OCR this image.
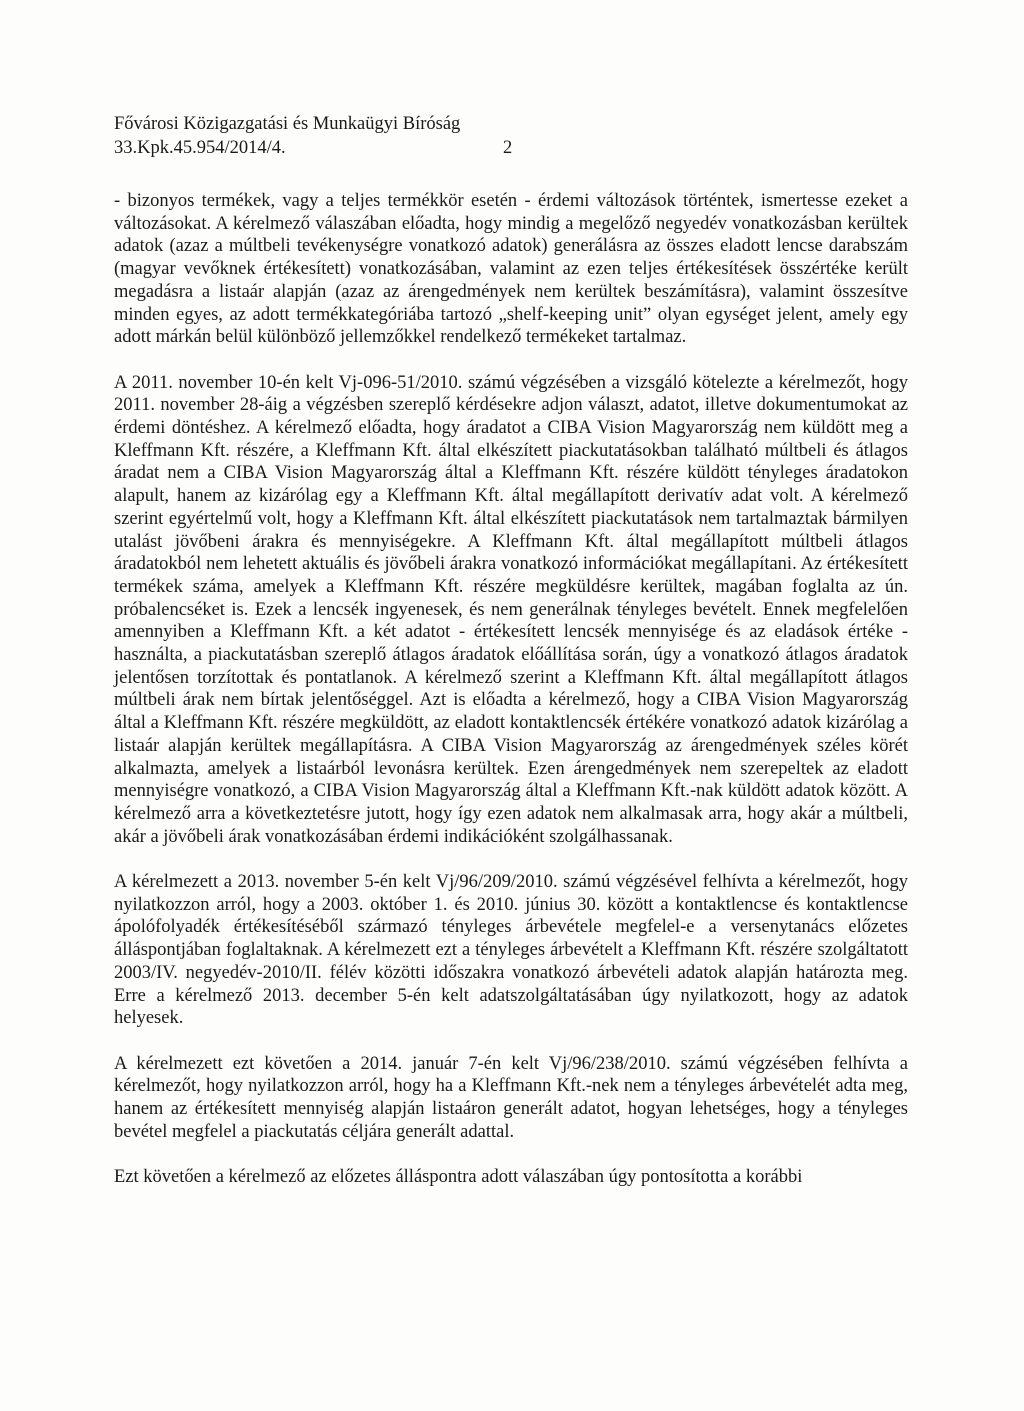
Fővárosi Közigazgatási és Munkaügyi Bíróság
33.Kpk.45.954/2014/4.	2

- bizonyos termékek, vagy a teljes termékkör esetén - érdemi változások történtek, ismertesse ezeket a változásokat. A kérelmező válaszában előadta, hogy mindig a megelőző negyedév vonatkozásban kerültek adatok (azaz a múltbeli tevékenységre vonatkozó adatok) generálásra az összes eladott lencse darabszám (magyar vevőknek értékesített) vonatkozásában, valamint az ezen teljes értékesítések összértéke került megadásra a listaár alapján (azaz az árengedmények nem kerültek beszámításra), valamint összesítve minden egyes, az adott termékkategóriába tartozó „shelf-keeping unit” olyan egységet jelent, amely egy adott márkán belül különböző jellemzőkkel rendelkező termékeket tartalmaz.

A 2011. november 10-én kelt Vj-096-51/2010. számú végzésében a vizsgáló kötelezte a kérelmezőt, hogy 2011. november 28-áig a végzésben szereplő kérdésekre adjon választ, adatot, illetve dokumentumokat az érdemi döntéshez. A kérelmező előadta, hogy áradatot a CIBA Vision Magyarország nem küldött meg a Kleffmann Kft. részére, a Kleffmann Kft. által elkészített piackutatásokban található múltbeli és átlagos áradat nem a CIBA Vision Magyarország által a Kleffmann Kft. részére küldött tényleges áradatokon alapult, hanem az kizárólag egy a Kleffmann Kft. által megállapított derivatív adat volt. A kérelmező szerint egyértelmű volt, hogy a Kleffmann Kft. által elkészített piackutatások nem tartalmaztak bármilyen utalást jövőbeni árakra és mennyiségekre. A Kleffmann Kft. által megállapított múltbeli átlagos áradatokból nem lehetett aktuális és jövőbeli árakra vonatkozó információkat megállapítani. Az értékesített termékek száma, amelyek a Kleffmann Kft. részére megküldésre kerültek, magában foglalta az ún. próbalencséket is. Ezek a lencsék ingyenesek, és nem generálnak tényleges bevételt. Ennek megfelelően amennyiben a Kleffmann Kft. a két adatot - értékesített lencsék mennyisége és az eladások értéke - használta, a piackutatásban szereplő átlagos áradatok előállítása során, úgy a vonatkozó átlagos áradatok jelentősen torzítottak és pontatlanok. A kérelmező szerint a Kleffmann Kft. által megállapított átlagos múltbeli árak nem bírtak jelentőséggel. Azt is előadta a kérelmező, hogy a CIBA Vision Magyarország által a Kleffmann Kft. részére megküldött, az eladott kontaktlencsék értékére vonatkozó adatok kizárólag a listaár alapján kerültek megállapításra. A CIBA Vision Magyarország az árengedmények széles körét alkalmazta, amelyek a listaárból levonásra kerültek. Ezen árengedmények nem szerepeltek az eladott mennyiségre vonatkozó, a CIBA Vision Magyarország által a Kleffmann Kft.-nak küldött adatok között. A kérelmező arra a következtetésre jutott, hogy így ezen adatok nem alkalmasak arra, hogy akár a múltbeli, akár a jövőbeli árak vonatkozásában érdemi indikációként szolgálhassanak.

A kérelmezett a 2013. november 5-én kelt Vj/96/209/2010. számú végzésével felhívta a kérelmezőt, hogy nyilatkozzon arról, hogy a 2003. október 1. és 2010. június 30. között a kontaktlencse és kontaktlencse ápolófolyadék értékesítéséből származó tényleges árbevétele megfelel-e a versenytanács előzetes álláspontjában foglaltaknak. A kérelmezett ezt a tényleges árbevételt a Kleffmann Kft. részére szolgáltatott 2003/IV. negyedév-2010/II. félév közötti időszakra vonatkozó árbevételi adatok alapján határozta meg. Erre a kérelmező 2013. december 5-én kelt adatszolgáltatásában úgy nyilatkozott, hogy az adatok helyesek.

A kérelmezett ezt követően a 2014. január 7-én kelt Vj/96/238/2010. számú végzésében felhívta a kérelmezőt, hogy nyilatkozzon arról, hogy ha a Kleffmann Kft.-nek nem a tényleges árbevételét adta meg, hanem az értékesített mennyiség alapján listaáron generált adatot, hogyan lehetséges, hogy a tényleges bevétel megfelel a piackutatás céljára generált adattal.

Ezt követően a kérelmező az előzetes álláspontra adott válaszában úgy pontosította a korábbi
